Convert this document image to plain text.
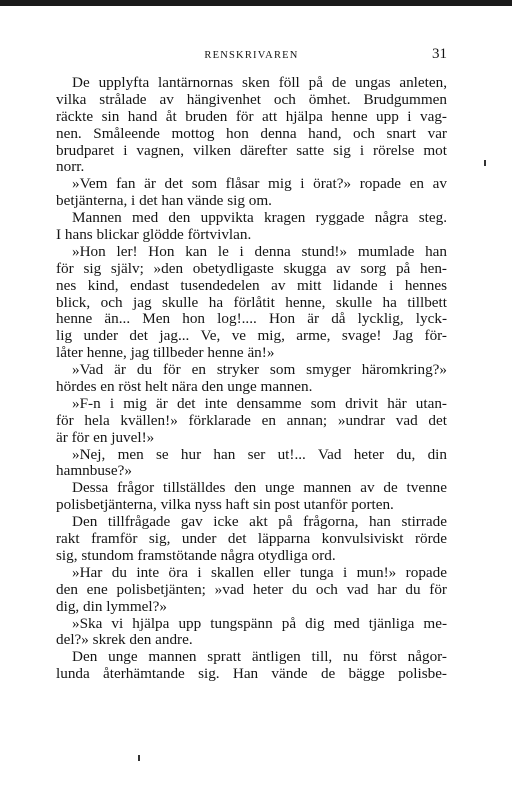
RENSKRIVAREN	31
De upplyfta lantärnornas sken föll på de ungas anleten,
vilka strålade av hängivenhet och ömhet. Brudgummen
räckte sin hand åt bruden för att hjälpa henne upp i vag-
nen. Småleende mottog hon denna hand, och snart var
brudparet i vagnen, vilken därefter satte sig i rörelse mot
norr.
»Vem fan är det som flåsar mig i örat?» ropade en av
betjänterna, i det han vände sig om.
Mannen med den uppvikta kragen ryggade några steg.
I hans blickar glödde förtvivlan.
»Hon ler! Hon kan le i denna stund!» mumlade han
för sig själv; »den obetydligaste skugga av sorg på hen-
nes kind, endast tusendedelen av mitt lidande i hennes
blick, och jag skulle ha förlåtit henne, skulle ha tillbett
henne än... Men hon log!.... Hon är då lycklig, lyck-
lig under det jag... Ve, ve mig, arme, svage! Jag för-
låter henne, jag tillbeder henne än!»
»Vad är du för en stryker som smyger häromkring?»
hördes en röst helt nära den unge mannen.
»F-n i mig är det inte densamme som drivit här utan-
för hela kvällen!» förklarade en annan; »undrar vad det
är för en juvel!»
»Nej, men se hur han ser ut!... Vad heter du, din
hamnbuse?»
Dessa frågor tillställdes den unge mannen av de tvenne
polisbetjänterna, vilka nyss haft sin post utanför porten.
Den tillfrågade gav icke akt på frågorna, han stirrade
rakt framför sig, under det läpparna konvulsiviskt rörde
sig, stundom framstötande några otydliga ord.
»Har du inte öra i skallen eller tunga i mun!» ropade
den ene polisbetjänten; »vad heter du och vad har du för
dig, din lymmel?»
»Ska vi hjälpa upp tungspänn på dig med tjänliga me-
del?» skrek den andre.
Den unge mannen spratt äntligen till, nu först någor-
lunda återhämtande sig. Han vände de bägge polisbe-
